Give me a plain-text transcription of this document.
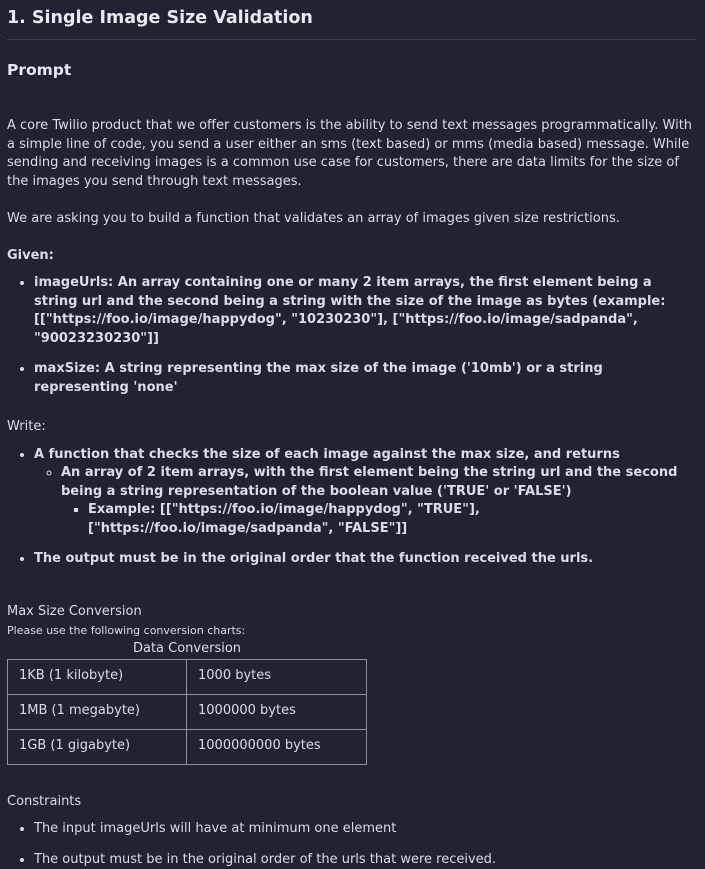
1. Single Image Size Validation
Prompt

A core Twilio product that we offer customers is the ability to send text messages programmatically. With a simple line of code, you send a user either an sms (text based) or mms (media based) message. While sending and receiving images is a common use case for customers, there are data limits for the size of the images you send through text messages.

We are asking you to build a function that validates an array of images given size restrictions.

Given:

• imageUrls: An array containing one or many 2 item arrays, the first element being a string url and the second being a string with the size of the image as bytes (example: [["https://foo.io/image/happydog", "10230230"], ["https://foo.io/image/sadpanda", "90023230230"]]
• maxSize: A string representing the max size of the image ('10mb') or a string representing 'none'

Write:

• A function that checks the size of each image against the max size, and returns
◦ An array of 2 item arrays, with the first element being the string url and the second being a string representation of the boolean value ('TRUE' or 'FALSE')
▪ Example: [["https://foo.io/image/happydog", "TRUE"], ["https://foo.io/image/sadpanda", "FALSE"]]
• The output must be in the original order that the function received the urls.

Max Size Conversion

Please use the following conversion charts:

Data Conversion
1KB (1 kilobyte)	1000 bytes
1MB (1 megabyte)	1000000 bytes
1GB (1 gigabyte)	1000000000 bytes

Constraints

• The input imageUrls will have at minimum one element
• The output must be in the original order of the urls that were received.
